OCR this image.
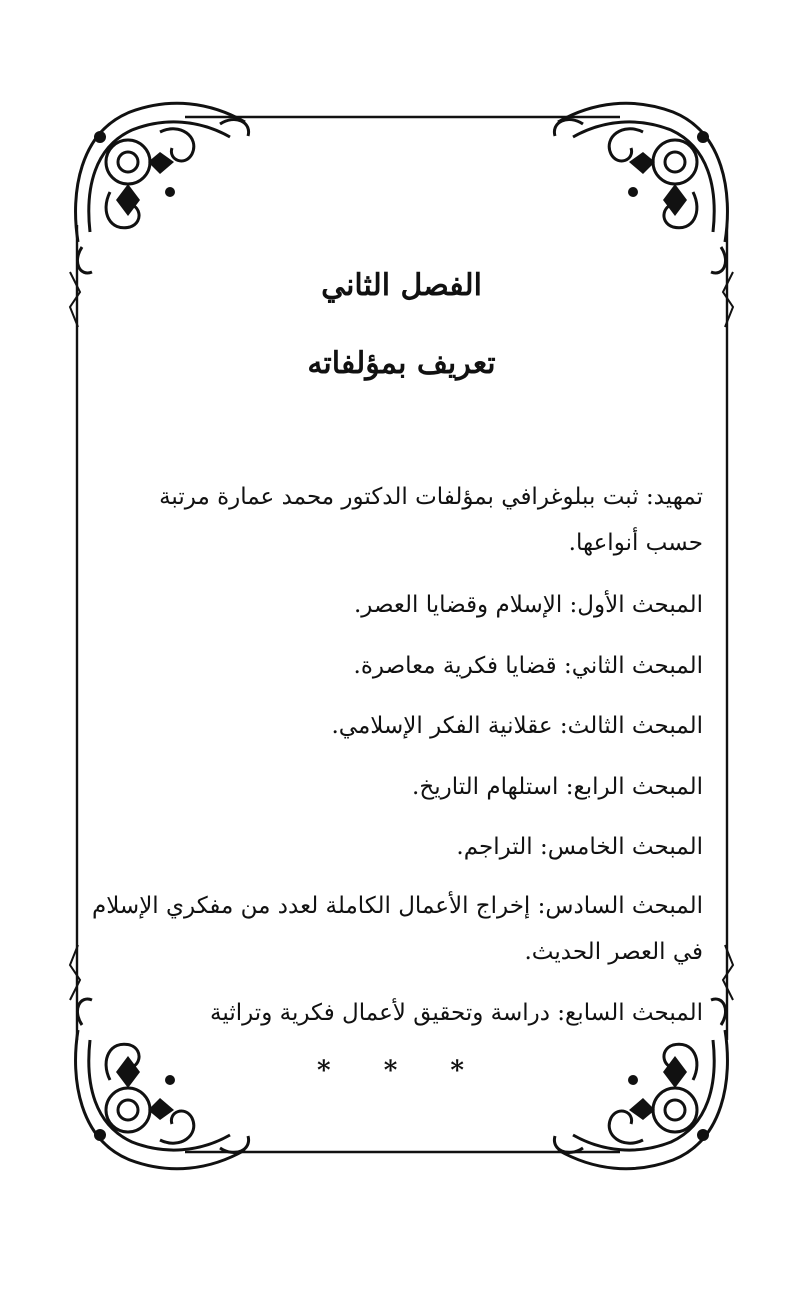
الفصل الثاني
تعريف بمؤلفاته

تمهيد: ثبت ببلوغرافي بمؤلفات الدكتور محمد عمارة مرتبة حسب أنواعها.

المبحث الأول: الإسلام وقضايا العصر.

المبحث الثاني: قضايا فكرية معاصرة.

المبحث الثالث: عقلانية الفكر الإسلامي.

المبحث الرابع: استلهام التاريخ.

المبحث الخامس: التراجم.

المبحث السادس: إخراج الأعمال الكاملة لعدد من مفكري الإسلام في العصر الحديث.

المبحث السابع: دراسة وتحقيق لأعمال فكرية وتراثية

* * *
